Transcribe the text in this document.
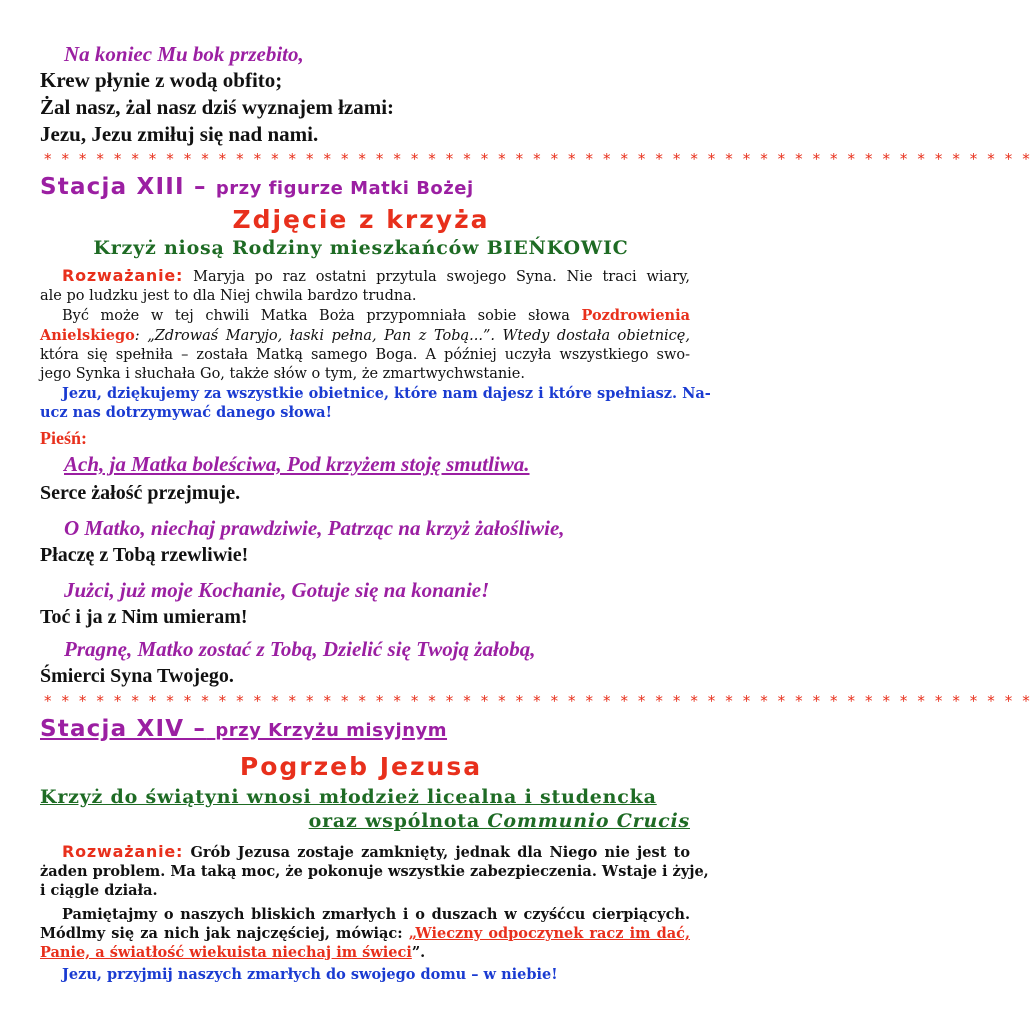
Na koniec Mu bok przebito,
Krew płynie z wodą obfito;
Żal nasz, żal nasz dziś wyznajem łzami:
Jezu, Jezu zmiłuj się nad nami.
* * * * * * * * * * * * * * * * * * * * * * * * * * * * * * * * * * * * * * * * * * * * * * * * * * * * * * * * *
Stacja XIII – przy figurze Matki Bożej
Zdjęcie z krzyża
Krzyż niosą Rodziny mieszkańców BIEŃKOWIC
Rozważanie: Maryja po raz ostatni przytula swojego Syna. Nie traci wiary,
ale po ludzku jest to dla Niej chwila bardzo trudna.
Być może w tej chwili Matka Boża przypomniała sobie słowa Pozdrowienia
Anielskiego: „Zdrowaś Maryjo, łaski pełna, Pan z Tobą...”. Wtedy dostała obietnicę,
która się spełniła – została Matką samego Boga. A później uczyła wszystkiego swo-
jego Synka i słuchała Go, także słów o tym, że zmartwychwstanie.
Jezu, dziękujemy za wszystkie obietnice, które nam dajesz i które spełniasz. Na-
ucz nas dotrzymywać danego słowa!
Pieśń:
Ach, ja Matka boleściwa, Pod krzyżem stoję smutliwa.
Serce żałość przejmuje.
O Matko, niechaj prawdziwie, Patrząc na krzyż żałośliwie,
Płaczę z Tobą rzewliwie!
Jużci, już moje Kochanie, Gotuje się na konanie!
Toć i ja z Nim umieram!
Pragnę, Matko zostać z Tobą, Dzielić się Twoją żałobą,
Śmierci Syna Twojego.
* * * * * * * * * * * * * * * * * * * * * * * * * * * * * * * * * * * * * * * * * * * * * * * * * * * * * * * * *
Stacja XIV – przy Krzyżu misyjnym
Pogrzeb Jezusa
Krzyż do świątyni wnosi młodzież licealna i studencka
oraz wspólnota Communio Crucis
Rozważanie: Grób Jezusa zostaje zamknięty, jednak dla Niego nie jest to
żaden problem. Ma taką moc, że pokonuje wszystkie zabezpieczenia. Wstaje i żyje,
i ciągle działa.
Pamiętajmy o naszych bliskich zmarłych i o duszach w czyśćcu cierpiących.
Módlmy się za nich jak najczęściej, mówiąc: „Wieczny odpoczynek racz im dać,
Panie, a światłość wiekuista niechaj im świeci”.
Jezu, przyjmij naszych zmarłych do swojego domu – w niebie!
